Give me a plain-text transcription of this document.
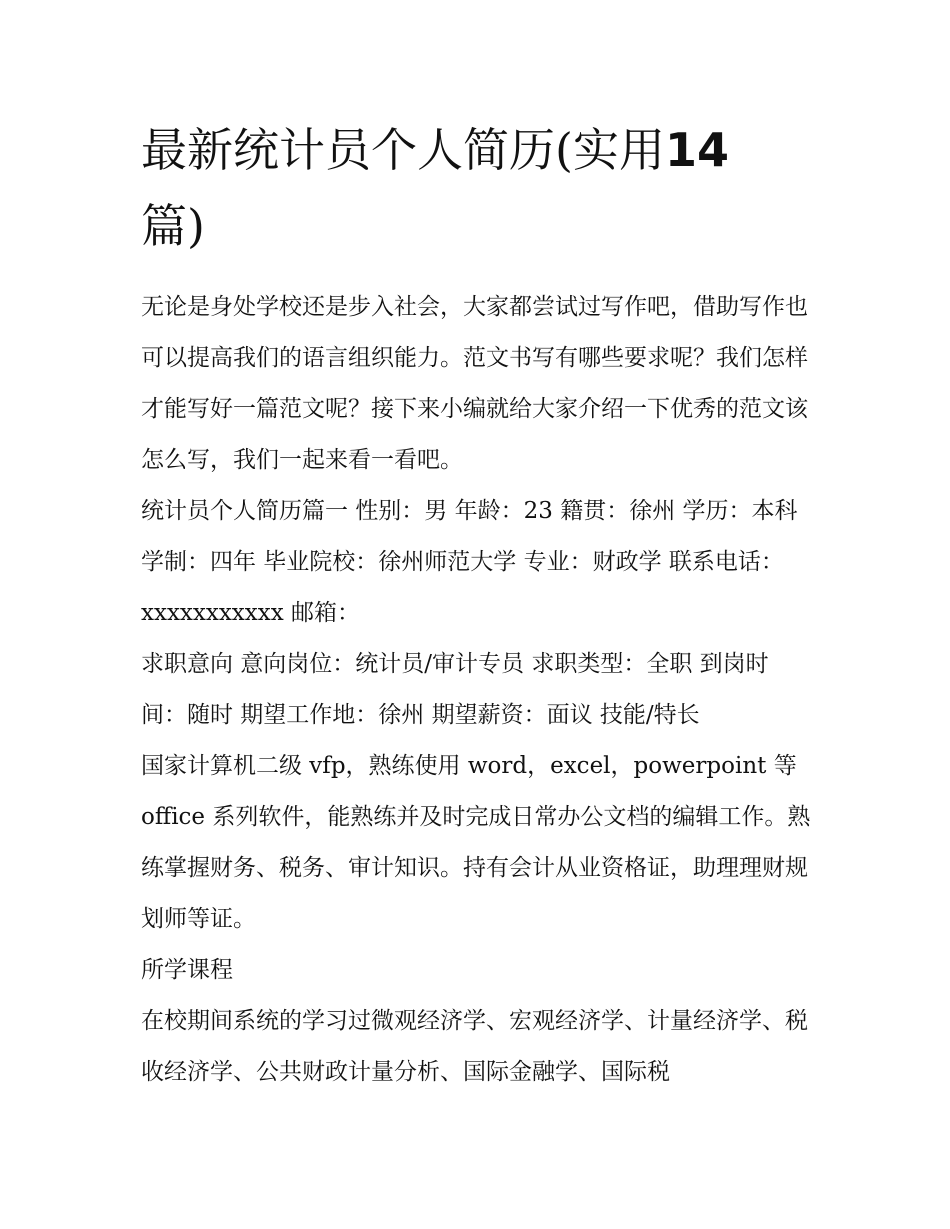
最新统计员个人简历(实用14
篇)

无论是身处学校还是步入社会，大家都尝试过写作吧，借助写作也可以提高我们的语言组织能力。范文书写有哪些要求呢？我们怎样才能写好一篇范文呢？接下来小编就给大家介绍一下优秀的范文该怎么写，我们一起来看一看吧。

统计员个人简历篇一 性别：男 年龄：23 籍贯：徐州 学历：本科 学制：四年 毕业院校：徐州师范大学 专业：财政学 联系电话：xxxxxxxxxxx 邮箱：

求职意向 意向岗位：统计员/审计专员 求职类型：全职 到岗时间：随时 期望工作地：徐州 期望薪资：面议 技能/特长

国家计算机二级 vfp，熟练使用 word，excel，powerpoint 等 office 系列软件，能熟练并及时完成日常办公文档的编辑工作。熟练掌握财务、税务、审计知识。持有会计从业资格证，助理理财规划师等证。

所学课程

在校期间系统的学习过微观经济学、宏观经济学、计量经济学、税收经济学、公共财政计量分析、国际金融学、国际税
